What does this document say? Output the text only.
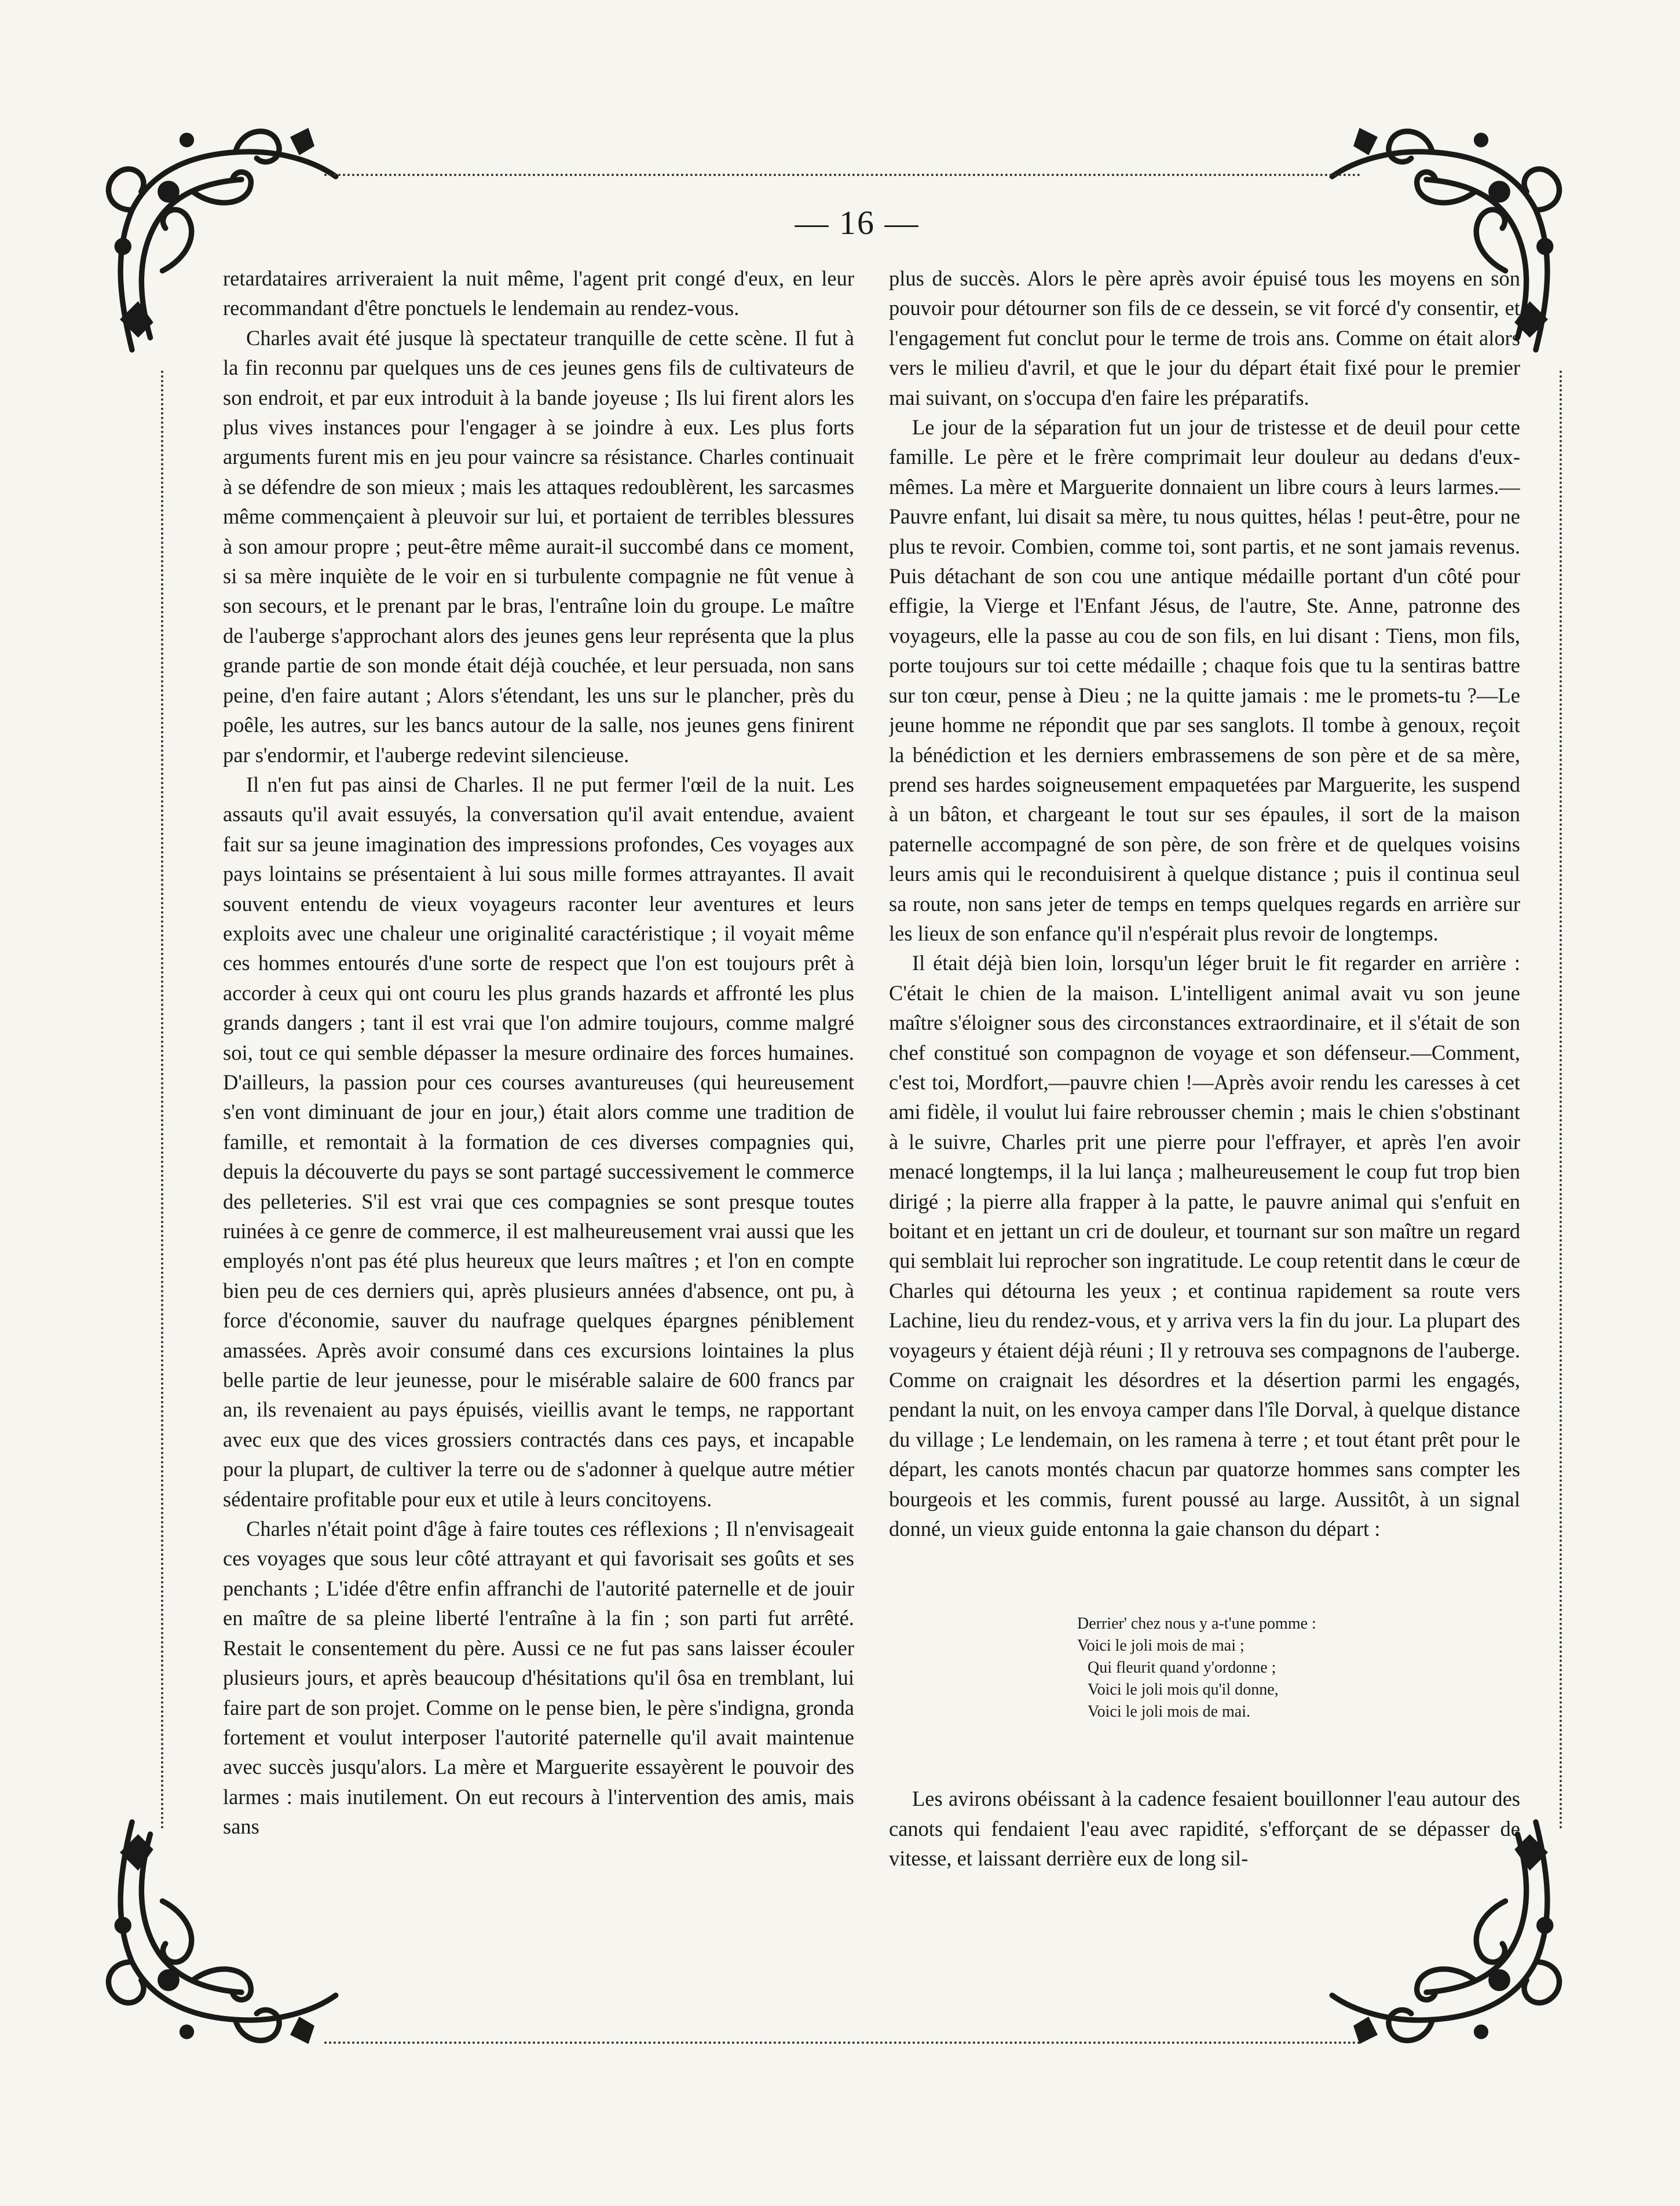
— 16 —

retardataires arriveraient la nuit même, l'agent prit congé d'eux, en leur recommandant d'être ponctuels le lendemain au rendez-vous.

Charles avait été jusque là spectateur tranquille de cette scène. Il fut à la fin reconnu par quelques uns de ces jeunes gens fils de cultivateurs de son endroit, et par eux introduit à la bande joyeuse ; Ils lui firent alors les plus vives instances pour l'engager à se joindre à eux. Les plus forts arguments furent mis en jeu pour vaincre sa résistance. Charles continuait à se défendre de son mieux ; mais les attaques redoublèrent, les sarcasmes même commençaient à pleuvoir sur lui, et portaient de terribles blessures à son amour propre ; peut-être même aurait-il succombé dans ce moment, si sa mère inquiète de le voir en si turbulente compagnie ne fût venue à son secours, et le prenant par le bras, l'entraîne loin du groupe. Le maître de l'auberge s'approchant alors des jeunes gens leur représenta que la plus grande partie de son monde était déjà couchée, et leur persuada, non sans peine, d'en faire autant ; Alors s'étendant, les uns sur le plancher, près du poêle, les autres, sur les bancs autour de la salle, nos jeunes gens finirent par s'endormir, et l'auberge redevint silencieuse.

Il n'en fut pas ainsi de Charles. Il ne put fermer l'œil de la nuit. Les assauts qu'il avait essuyés, la conversation qu'il avait entendue, avaient fait sur sa jeune imagination des impressions profondes, Ces voyages aux pays lointains se présentaient à lui sous mille formes attrayantes. Il avait souvent entendu de vieux voyageurs raconter leur aventures et leurs exploits avec une chaleur une originalité caractéristique ; il voyait même ces hommes entourés d'une sorte de respect que l'on est toujours prêt à accorder à ceux qui ont couru les plus grands hazards et affronté les plus grands dangers ; tant il est vrai que l'on admire toujours, comme malgré soi, tout ce qui semble dépasser la mesure ordinaire des forces humaines. D'ailleurs, la passion pour ces courses avantureuses (qui heureusement s'en vont diminuant de jour en jour,) était alors comme une tradition de famille, et remontait à la formation de ces diverses compagnies qui, depuis la découverte du pays se sont partagé successivement le commerce des pelleteries. S'il est vrai que ces compagnies se sont presque toutes ruinées à ce genre de commerce, il est malheureusement vrai aussi que les employés n'ont pas été plus heureux que leurs maîtres ; et l'on en compte bien peu de ces derniers qui, après plusieurs années d'absence, ont pu, à force d'économie, sauver du naufrage quelques épargnes péniblement amassées. Après avoir consumé dans ces excursions lointaines la plus belle partie de leur jeunesse, pour le misérable salaire de 600 francs par an, ils revenaient au pays épuisés, vieillis avant le temps, ne rapportant avec eux que des vices grossiers contractés dans ces pays, et incapable pour la plupart, de cultiver la terre ou de s'adonner à quelque autre métier sédentaire profitable pour eux et utile à leurs concitoyens.

Charles n'était point d'âge à faire toutes ces réflexions ; Il n'envisageait ces voyages que sous leur côté attrayant et qui favorisait ses goûts et ses penchants ; L'idée d'être enfin affranchi de l'autorité paternelle et de jouir en maître de sa pleine liberté l'entraîne à la fin ; son parti fut arrêté. Restait le consentement du père. Aussi ce ne fut pas sans laisser écouler plusieurs jours, et après beaucoup d'hésitations qu'il ôsa en tremblant, lui faire part de son projet. Comme on le pense bien, le père s'indigna, gronda fortement et voulut interposer l'autorité paternelle qu'il avait maintenue avec succès jusqu'alors. La mère et Marguerite essayèrent le pouvoir des larmes : mais inutilement. On eut recours à l'intervention des amis, mais sans

plus de succès. Alors le père après avoir épuisé tous les moyens en son pouvoir pour détourner son fils de ce dessein, se vit forcé d'y consentir, et l'engagement fut conclut pour le terme de trois ans. Comme on était alors vers le milieu d'avril, et que le jour du départ était fixé pour le premier mai suivant, on s'occupa d'en faire les préparatifs.

Le jour de la séparation fut un jour de tristesse et de deuil pour cette famille. Le père et le frère comprimait leur douleur au dedans d'eux-mêmes. La mère et Marguerite donnaient un libre cours à leurs larmes.—Pauvre enfant, lui disait sa mère, tu nous quittes, hélas ! peut-être, pour ne plus te revoir. Combien, comme toi, sont partis, et ne sont jamais revenus. Puis détachant de son cou une antique médaille portant d'un côté pour effigie, la Vierge et l'Enfant Jésus, de l'autre, Ste. Anne, patronne des voyageurs, elle la passe au cou de son fils, en lui disant : Tiens, mon fils, porte toujours sur toi cette médaille ; chaque fois que tu la sentiras battre sur ton cœur, pense à Dieu ; ne la quitte jamais : me le promets-tu ?—Le jeune homme ne répondit que par ses sanglots. Il tombe à genoux, reçoit la bénédiction et les derniers embrassemens de son père et de sa mère, prend ses hardes soigneusement empaquetées par Marguerite, les suspend à un bâton, et chargeant le tout sur ses épaules, il sort de la maison paternelle accompagné de son père, de son frère et de quelques voisins leurs amis qui le reconduisirent à quelque distance ; puis il continua seul sa route, non sans jeter de temps en temps quelques regards en arrière sur les lieux de son enfance qu'il n'espérait plus revoir de longtemps.

Il était déjà bien loin, lorsqu'un léger bruit le fit regarder en arrière : C'était le chien de la maison. L'intelligent animal avait vu son jeune maître s'éloigner sous des circonstances extraordinaire, et il s'était de son chef constitué son compagnon de voyage et son défenseur.—Comment, c'est toi, Mordfort,—pauvre chien !—Après avoir rendu les caresses à cet ami fidèle, il voulut lui faire rebrousser chemin ; mais le chien s'obstinant à le suivre, Charles prit une pierre pour l'effrayer, et après l'en avoir menacé longtemps, il la lui lança ; malheureusement le coup fut trop bien dirigé ; la pierre alla frapper à la patte, le pauvre animal qui s'enfuit en boitant et en jettant un cri de douleur, et tournant sur son maître un regard qui semblait lui reprocher son ingratitude. Le coup retentit dans le cœur de Charles qui détourna les yeux ; et continua rapidement sa route vers Lachine, lieu du rendez-vous, et y arriva vers la fin du jour. La plupart des voyageurs y étaient déjà réuni ; Il y retrouva ses compagnons de l'auberge. Comme on craignait les désordres et la désertion parmi les engagés, pendant la nuit, on les envoya camper dans l'île Dorval, à quelque distance du village ; Le lendemain, on les ramena à terre ; et tout étant prêt pour le départ, les canots montés chacun par quatorze hommes sans compter les bourgeois et les commis, furent poussé au large. Aussitôt, à un signal donné, un vieux guide entonna la gaie chanson du départ :

Derrier' chez nous y a-t'une pomme :
Voici le joli mois de mai ;
Qui fleurit quand y'ordonne ;
Voici le joli mois qu'il donne,
Voici le joli mois de mai.

Les avirons obéissant à la cadence fesaient bouillonner l'eau autour des canots qui fendaient l'eau avec rapidité, s'efforçant de se dépasser de vitesse, et laissant derrière eux de long sil-
